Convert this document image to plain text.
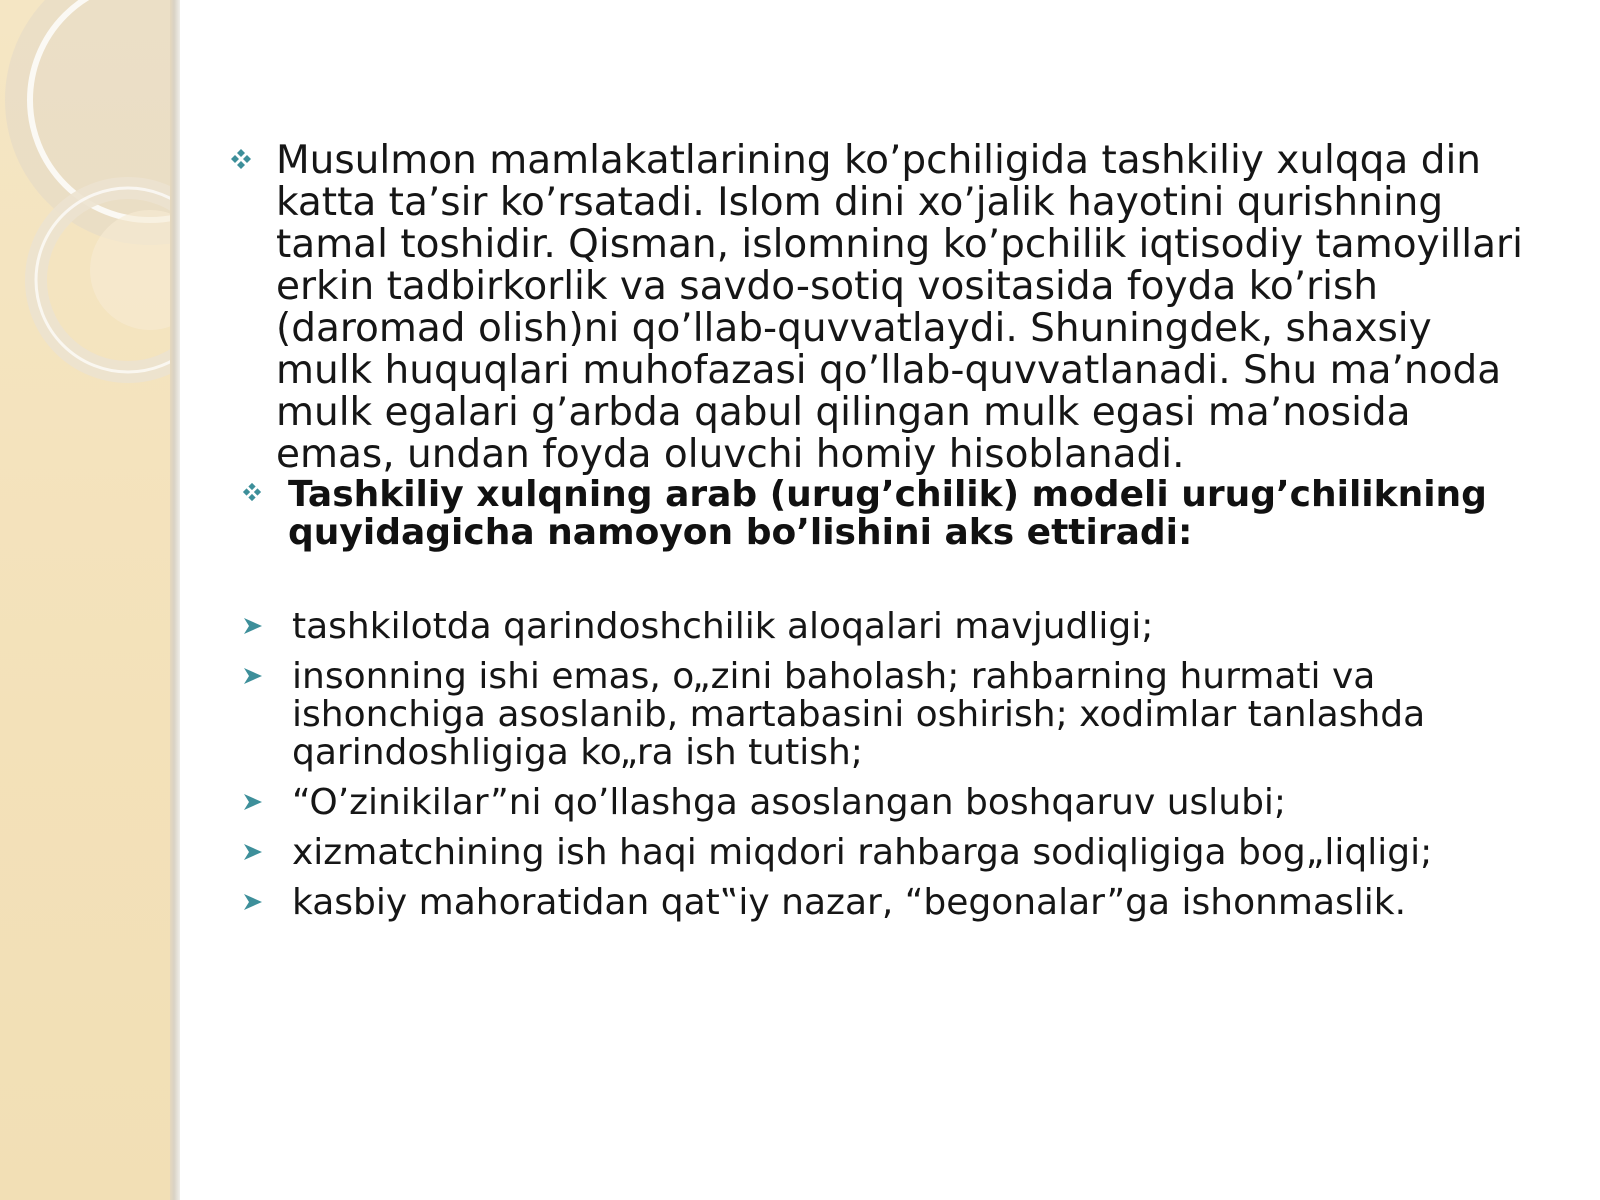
Musulmon mamlakatlarining ko’pchiligida tashkiliy xulqqa din katta ta’sir ko’rsatadi. Islom dini xo’jalik hayotini qurishning tamal toshidir. Qisman, islomning ko’pchilik iqtisodiy tamoyillari erkin tadbirkorlik va savdo-sotiq vositasida foyda ko’rish (daromad olish)ni qo’llab-quvvatlaydi. Shuningdek, shaxsiy mulk huquqlari muhofazasi qo’llab-quvvatlanadi. Shu ma’noda mulk egalari g’arbda qabul qilingan mulk egasi ma’nosida emas, undan foyda oluvchi homiy hisoblanadi.
Tashkiliy xulqning arab (urug’chilik) modeli urug’chilikning quyidagicha namoyon bo’lishini aks ettiradi:
tashkilotda qarindoshchilik aloqalari mavjudligi;
insonning ishi emas, o„zini baholash; rahbarning hurmati va ishonchiga asoslanib, martabasini oshirish; xodimlar tanlashda qarindoshligiga ko„ra ish tutish;
“O’zinikilar”ni qo’llashga asoslangan boshqaruv uslubi;
xizmatchining ish haqi miqdori rahbarga sodiqligiga bog„liqligi;
kasbiy mahoratidan qat‟iy nazar, “begonalar”ga ishonmaslik.
